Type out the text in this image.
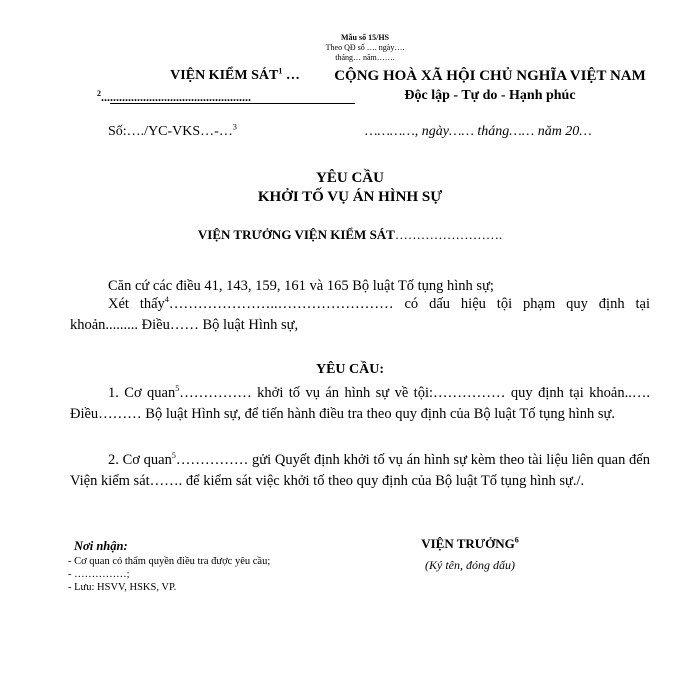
Mẫu số 15/HS
Theo QĐ số …. ngày….
tháng… năm…….
VIỆN KIỂM SÁT$^1$ …
$^2$..................................................
CỘNG HOÀ XÃ HỘI CHỦ NGHĨA VIỆT NAM
Độc lập - Tự do - Hạnh phúc
Số:…./YC-VKS…-…$^3$	…………, ngày…… tháng…… năm 20…
YÊU CẦU
KHỞI TỐ VỤ ÁN HÌNH SỰ
VIỆN TRƯỞNG VIỆN KIỂM SÁT…………………….
Căn cứ các điều 41, 143, 159, 161 và 165 Bộ luật Tố tụng hình sự;
Xét thấy$^4$…………………..…………………… có dấu hiệu tội phạm quy định tại khoản......... Điều…… Bộ luật Hình sự,
YÊU CẦU:
1. Cơ quan$^5$…………… khởi tố vụ án hình sự về tội:…………… quy định tại khoản..…. Điều……… Bộ luật Hình sự, để tiến hành điều tra theo quy định của Bộ luật Tố tụng hình sự.
2. Cơ quan$^5$…………… gửi Quyết định khởi tố vụ án hình sự kèm theo tài liệu liên quan đến Viện kiểm sát……. để kiểm sát việc khởi tố theo quy định của Bộ luật Tố tụng hình sự./.
Nơi nhận:
- Cơ quan có thẩm quyền điều tra được yêu cầu;
- ……………;
- Lưu: HSVV, HSKS, VP.
VIỆN TRƯỞNG$^6$
(Ký tên, đóng dấu)
